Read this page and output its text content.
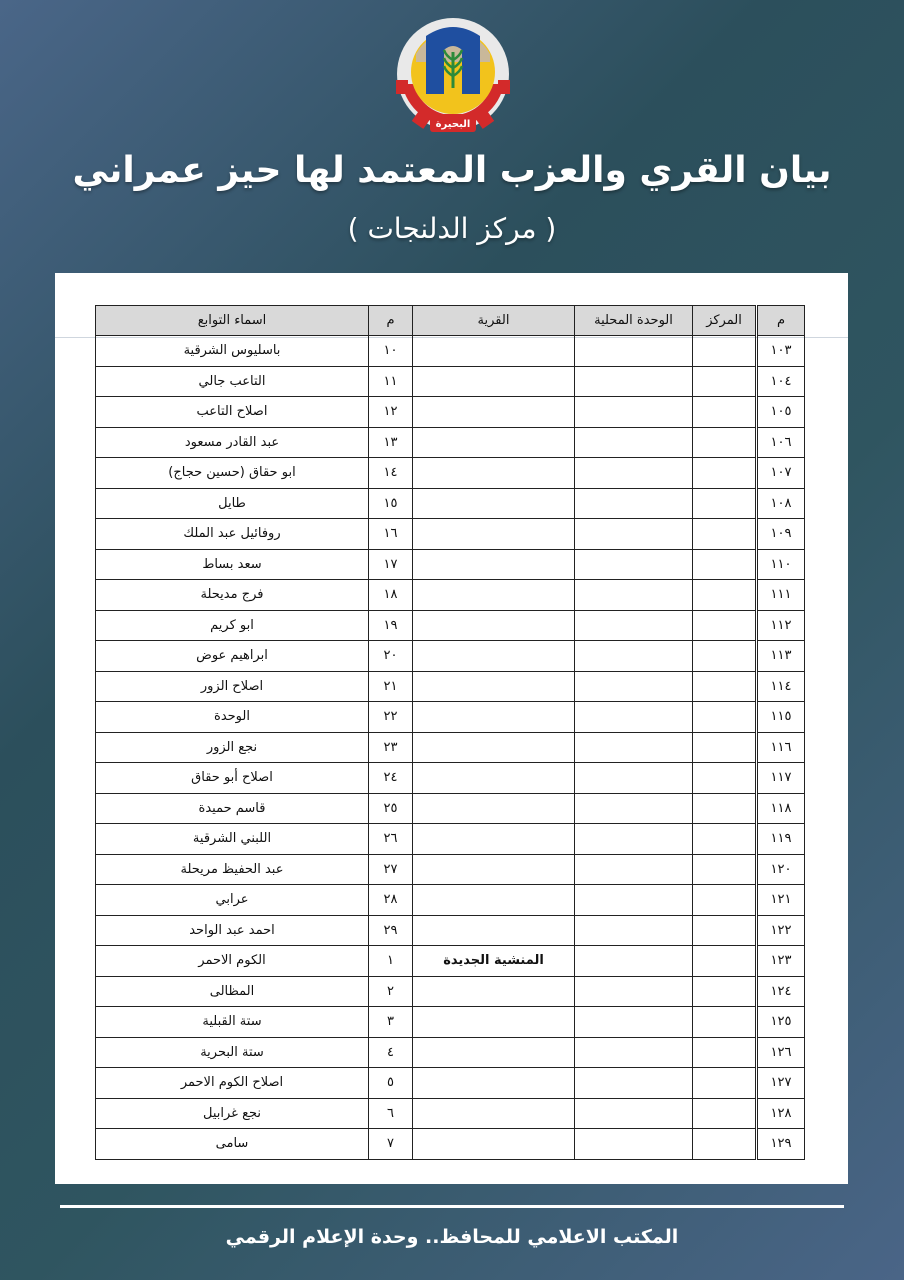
البحيرة
بيان القري والعزب المعتمد لها حيز عمراني
( مركز الدلنجات )
م	المركز	الوحدة المحلية	القرية	م	اسماء التوابع
١٠٣				١٠	باسليوس الشرقية
١٠٤				١١	التاعب جالي
١٠٥				١٢	اصلاح التاعب
١٠٦				١٣	عبد القادر مسعود
١٠٧				١٤	ابو حقاق (حسين حجاج)
١٠٨				١٥	طايل
١٠٩				١٦	روفائيل عبد الملك
١١٠				١٧	سعد بساط
١١١				١٨	فرج مديحلة
١١٢				١٩	ابو كريم
١١٣				٢٠	ابراهيم عوض
١١٤				٢١	اصلاح الزور
١١٥				٢٢	الوحدة
١١٦				٢٣	نجع الزور
١١٧				٢٤	اصلاح أبو حقاق
١١٨				٢٥	قاسم حميدة
١١٩				٢٦	اللبني الشرقية
١٢٠				٢٧	عبد الحفيظ مريحلة
١٢١				٢٨	عرابي
١٢٢				٢٩	احمد عبد الواحد
١٢٣			المنشية الجديدة	١	الكوم الاحمر
١٢٤				٢	المظالى
١٢٥				٣	ستة القبلية
١٢٦				٤	ستة البحرية
١٢٧				٥	اصلاح الكوم الاحمر
١٢٨				٦	نجع غرابيل
١٢٩				٧	سامى
المكتب الاعلامي للمحافظ.. وحدة الإعلام الرقمي
